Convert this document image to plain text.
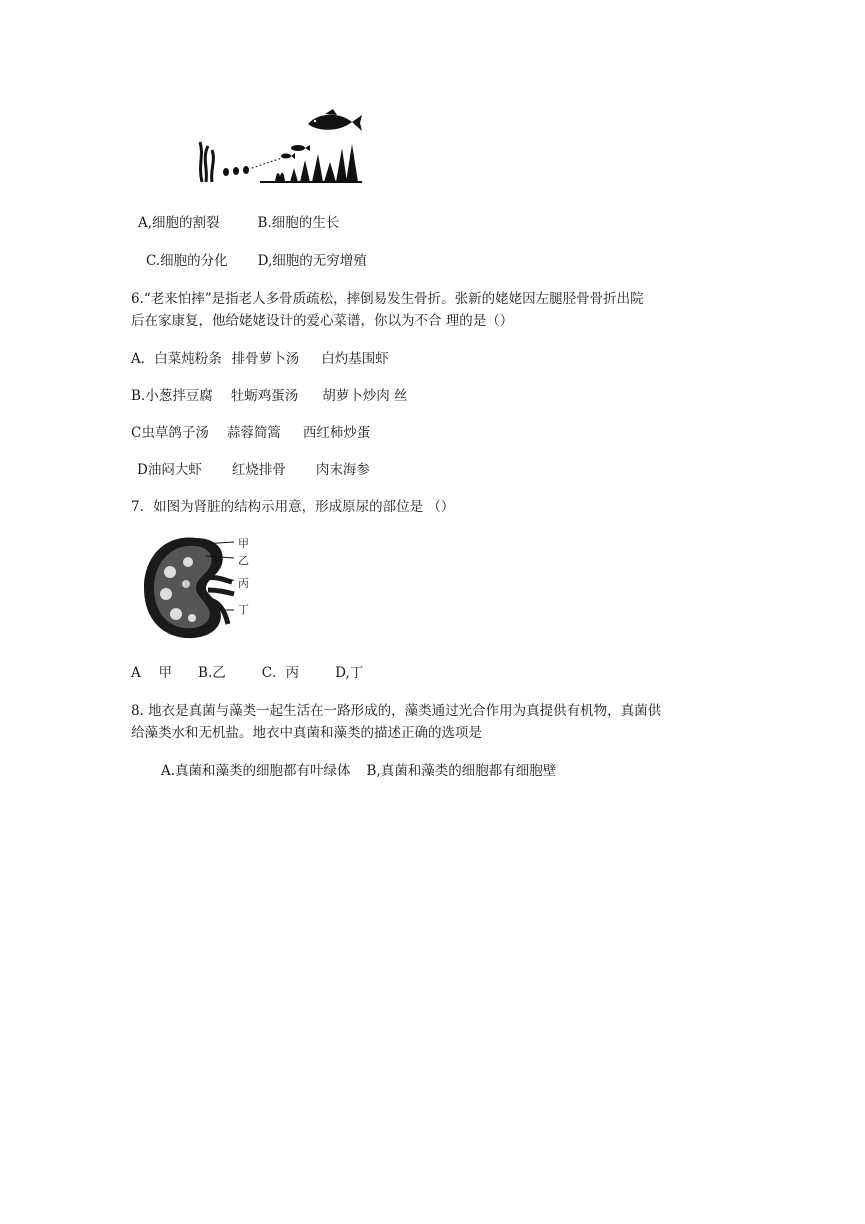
A,细胞的割裂	B.细胞的生长
C.细胞的分化 D,细胞的无穷增殖
6.“老来怕摔”是指老人多骨质疏松，摔倒易发生骨折。张新的姥姥因左腿胫骨骨折出院
后在家康复，他给姥姥设计的爱心菜谱，你以为不合 理的是（）
A．白菜炖粉条 排骨萝卜汤 白灼基围虾
B.小葱拌豆腐 牡蛎鸡蛋汤 胡萝卜炒肉 丝
C虫草鸽子汤 蒜蓉简篙 西红柿炒蛋
D油闷大虾 红烧排骨 肉末海参
7．如图为肾脏的结构示用意，形成原尿的部位是 （）
甲
乙
丙
丁
A　 甲 B.乙	C．丙	D,丁
8. 地衣是真菌与藻类一起生活在一路形成的，藻类通过光合作用为真提供有机物，真菌供
给藻类水和无机盐。地衣中真菌和藻类的描述正确的选项是
A.真菌和藻类的细胞都有叶绿体 B,真菌和藻类的细胞都有细胞壁
